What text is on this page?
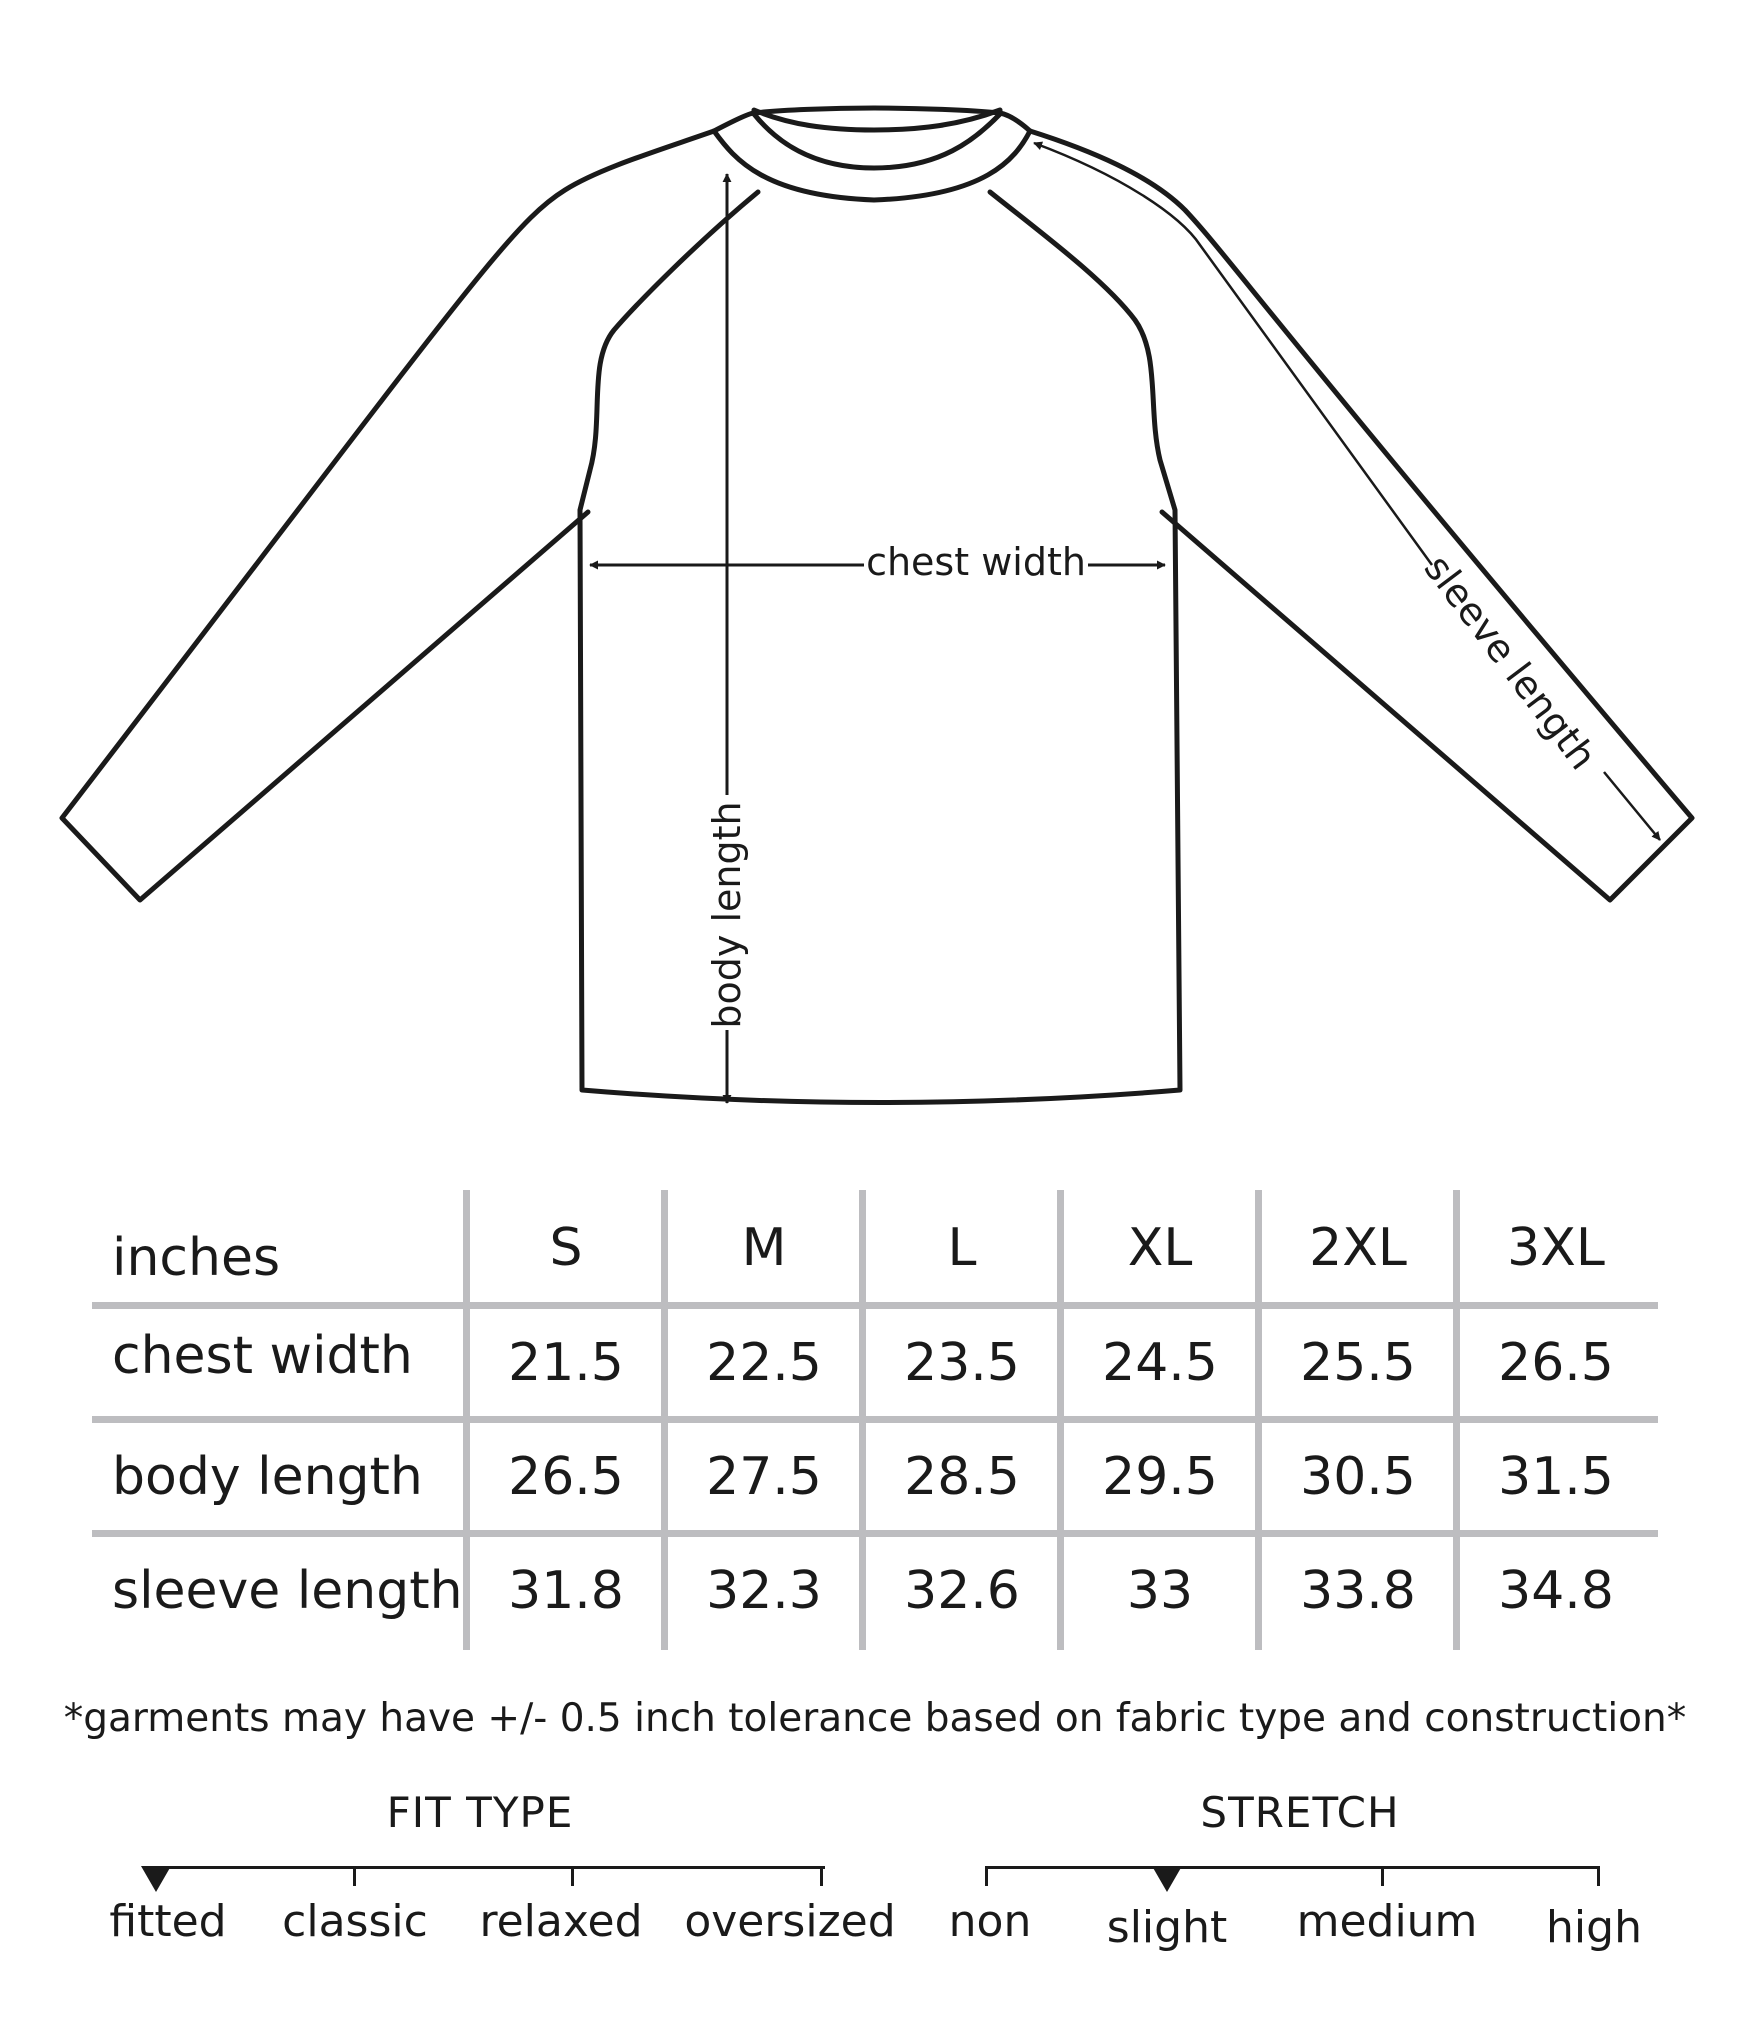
chest width
body length
sleeve length
inches	S	M	L	XL	2XL	3XL
chest width	21.5	22.5	23.5	24.5	25.5	26.5
body length	26.5	27.5	28.5	29.5	30.5	31.5
sleeve length 31.8	32.3	32.6	33	33.8	34.8
*garments may have +/- 0.5 inch tolerance based on fabric type and construction*
FIT TYPE
fitted classic relaxed oversized
STRETCH
non slight medium high
